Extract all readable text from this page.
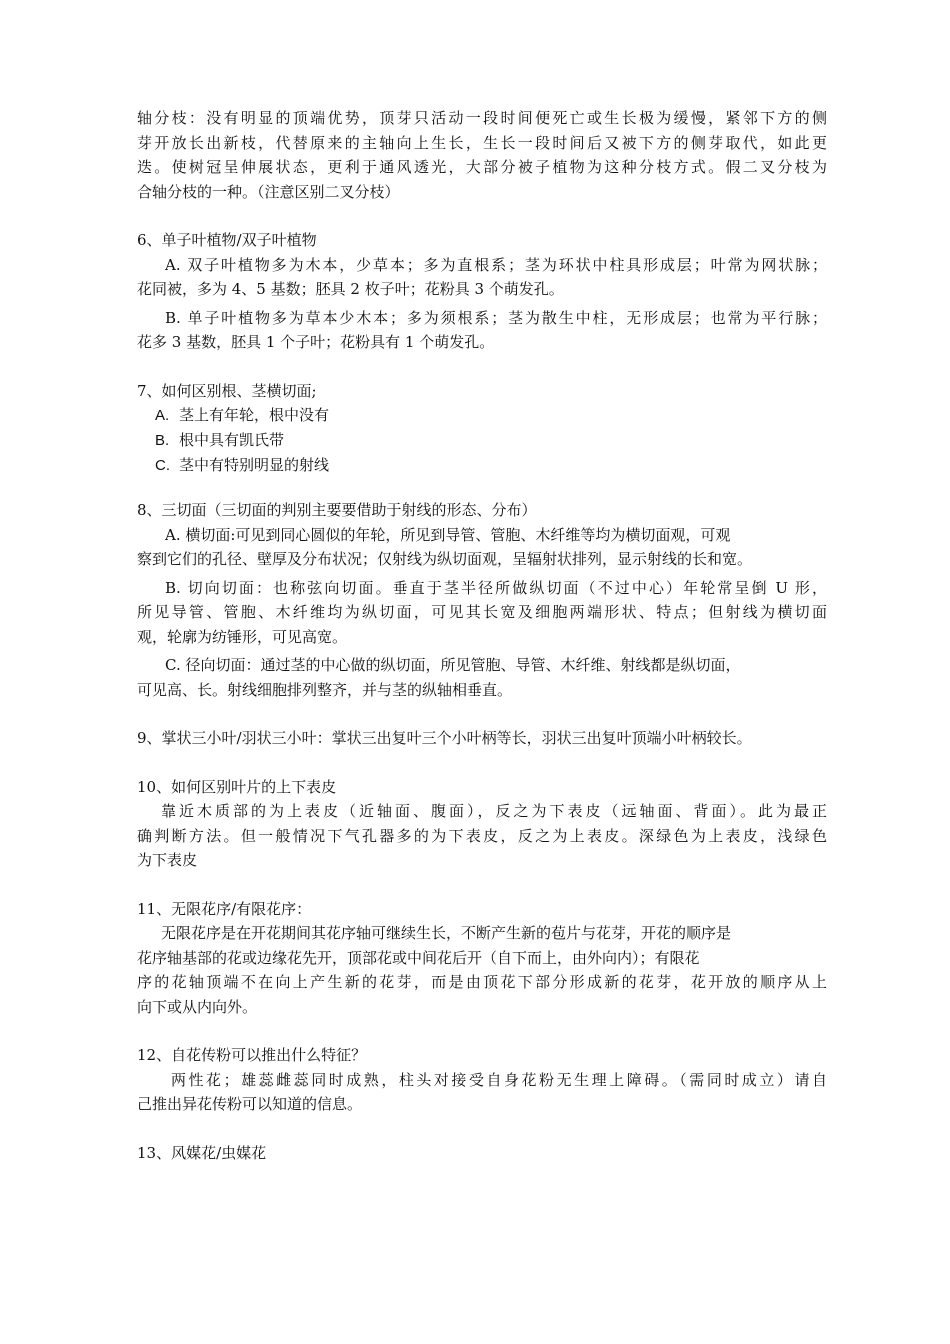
轴分枝：没有明显的顶端优势，顶芽只活动一段时间便死亡或生长极为缓慢，紧邻下方的侧
芽开放长出新枝，代替原来的主轴向上生长，生长一段时间后又被下方的侧芽取代，如此更
迭。使树冠呈伸展状态，更利于通风透光，大部分被子植物为这种分枝方式。假二叉分枝为
合轴分枝的一种。（注意区别二叉分枝）
6、单子叶植物/双子叶植物
A. 双子叶植物多为木本，少草本；多为直根系；茎为环状中柱具形成层；叶常为网状脉；
花同被，多为 4、5 基数；胚具 2 枚子叶；花粉具 3 个萌发孔。
B. 单子叶植物多为草本少木本；多为须根系；茎为散生中柱，无形成层；也常为平行脉；
花多 3 基数，胚具 1 个子叶；花粉具有 1 个萌发孔。
7、如何区别根、茎横切面;
A. 茎上有年轮，根中没有
B. 根中具有凯氏带
C. 茎中有特别明显的射线
8、三切面（三切面的判别主要要借助于射线的形态、分布）
A. 横切面:可见到同心圆似的年轮，所见到导管、管胞、木纤维等均为横切面观，可观
察到它们的孔径、壁厚及分布状况；仅射线为纵切面观，呈辐射状排列，显示射线的长和宽。
B. 切向切面：也称弦向切面。垂直于茎半径所做纵切面（不过中心）年轮常呈倒 U 形，
所见导管、管胞、木纤维均为纵切面，可见其长宽及细胞两端形状、特点；但射线为横切面
观，轮廓为纺锤形，可见高宽。
C. 径向切面：通过茎的中心做的纵切面，所见管胞、导管、木纤维、射线都是纵切面，
可见高、长。射线细胞排列整齐，并与茎的纵轴相垂直。
9、掌状三小叶/羽状三小叶：掌状三出复叶三个小叶柄等长，羽状三出复叶顶端小叶柄较长。
10、如何区别叶片的上下表皮
靠近木质部的为上表皮（近轴面、腹面），反之为下表皮（远轴面、背面）。此为最正
确判断方法。但一般情况下气孔器多的为下表皮，反之为上表皮。深绿色为上表皮，浅绿色
为下表皮
11、无限花序/有限花序：
无限花序是在开花期间其花序轴可继续生长，不断产生新的苞片与花芽，开花的顺序是
花序轴基部的花或边缘花先开，顶部花或中间花后开（自下而上，由外向内）；有限花
序的花轴顶端不在向上产生新的花芽，而是由顶花下部分形成新的花芽，花开放的顺序从上
向下或从内向外。
12、自花传粉可以推出什么特征？
两性花；雄蕊雌蕊同时成熟，柱头对接受自身花粉无生理上障碍。（需同时成立）请自
己推出异花传粉可以知道的信息。
13、风媒花/虫媒花
